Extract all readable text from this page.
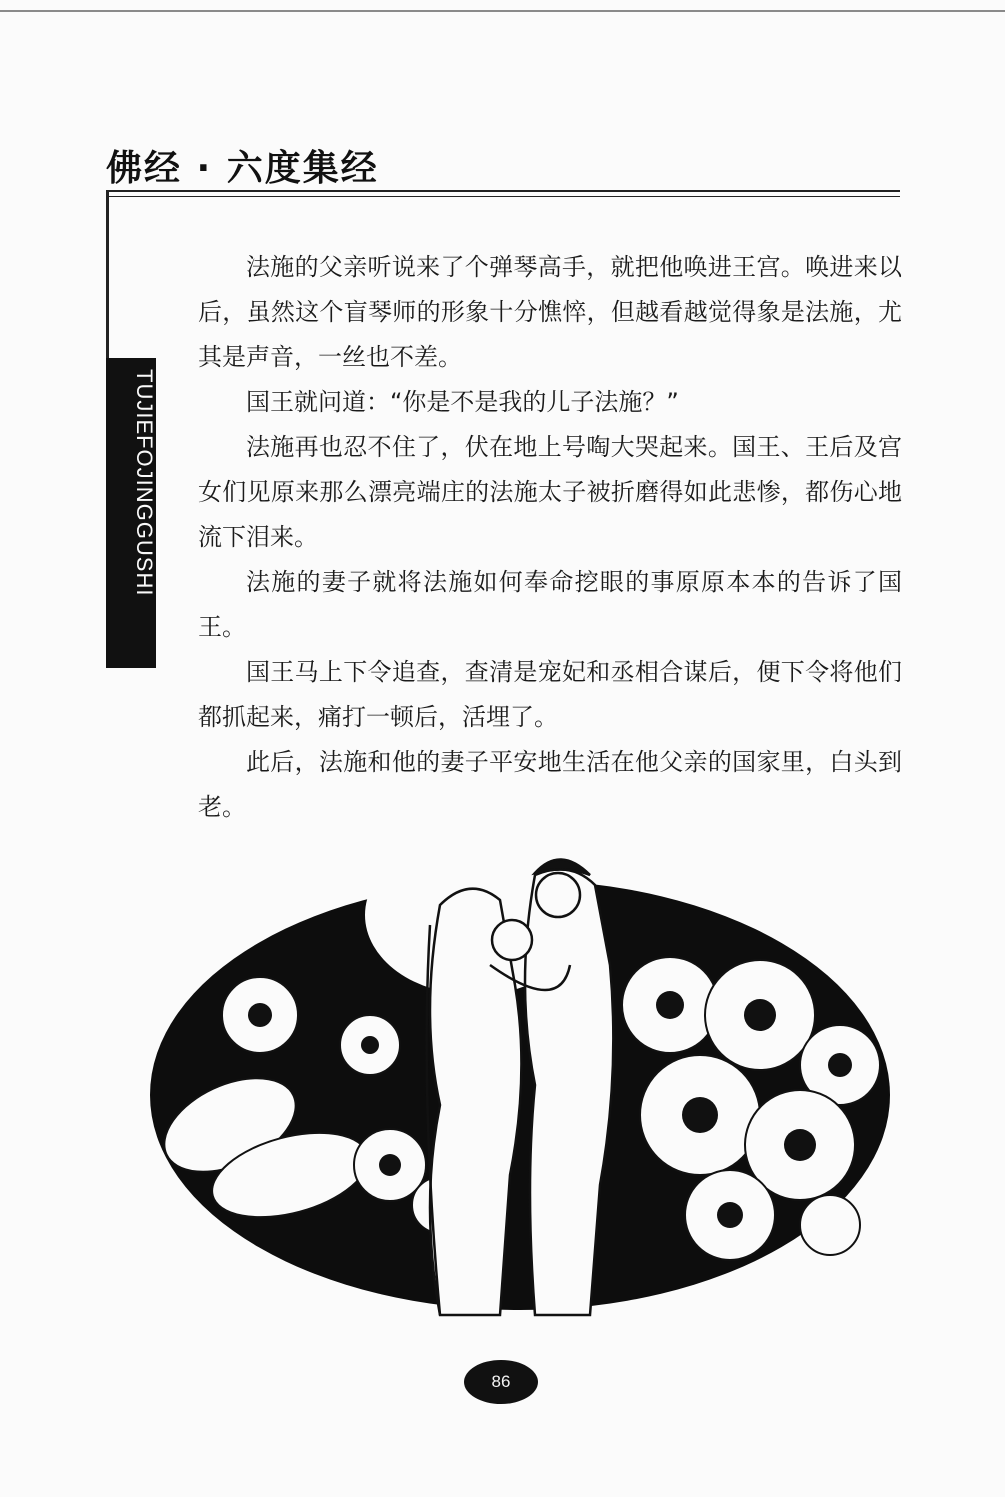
佛经 · 六度集经
TUJIEFOJINGGUSHI

法施的父亲听说来了个弹琴高手，就把他唤进王宫。唤进来以后，虽然这个盲琴师的形象十分憔悴，但越看越觉得象是法施，尤其是声音，一丝也不差。

国王就问道：“你是不是我的儿子法施？”

法施再也忍不住了，伏在地上号啕大哭起来。国王、王后及宫女们见原来那么漂亮端庄的法施太子被折磨得如此悲惨，都伤心地流下泪来。

法施的妻子就将法施如何奉命挖眼的事原原本本的告诉了国王。

国王马上下令追查，查清是宠妃和丞相合谋后，便下令将他们都抓起来，痛打一顿后，活埋了。

此后，法施和他的妻子平安地生活在他父亲的国家里，白头到老。

86
